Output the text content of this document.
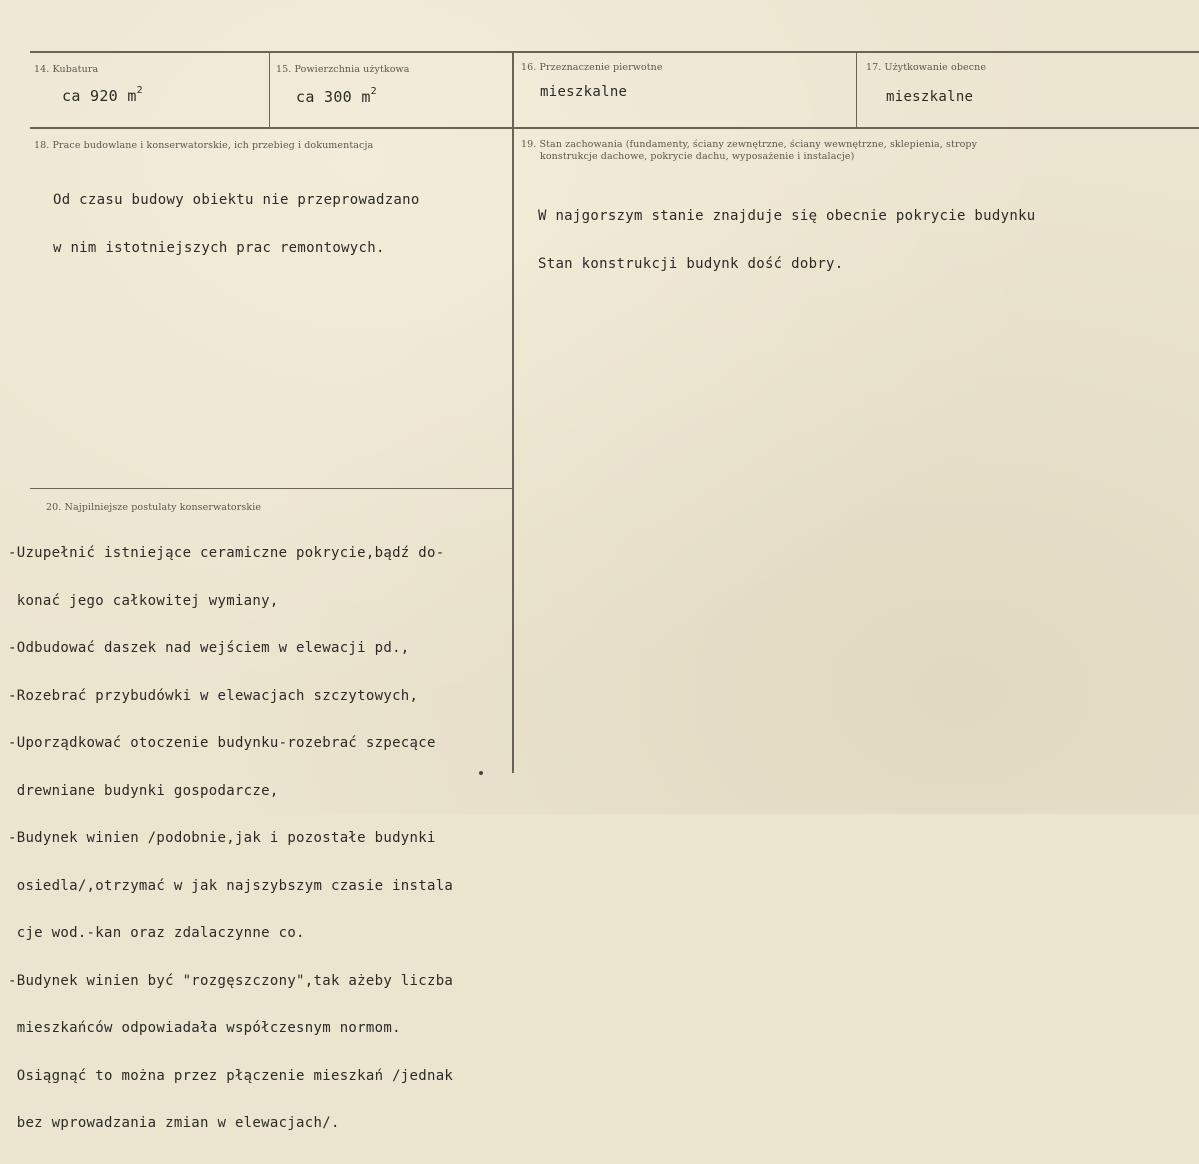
14. Kubatura
ca 920 $m^2$
15. Powierzchnia użytkowa
ca 300 $m^2$
16. Przeznaczenie pierwotne
mieszkalne
17. Użytkowanie obecne
mieszkalne
18. Prace budowlane i konserwatorskie, ich przebieg i dokumentacja

Od czasu budowy obiektu nie przeprowadzano

w nim istotniejszych prac remontowych.

19. Stan zachowania (fundamenty, ściany zewnętrzne, ściany wewnętrzne, sklepienia, stropy
konstrukcje dachowe, pokrycie dachu, wyposażenie i instalacje)

W najgorszym stanie znajduje się obecnie pokrycie budynku

Stan konstrukcji budynk dość dobry.

20. Najpilniejsze postulaty konserwatorskie

-Uzupełnić istniejące ceramiczne pokrycie,bądź do-

konać jego całkowitej wymiany,

-Odbudować daszek nad wejściem w elewacji pd.,

-Rozebrać przybudówki w elewacjach szczytowych,

-Uporządkować otoczenie budynku-rozebrać szpecące

drewniane budynki gospodarcze,

-Budynek winien /podobnie,jak i pozostałe budynki

osiedla/,otrzymać w jak najszybszym czasie instala

cje wod.-kan oraz zdalaczynne co.

-Budynek winien być "rozgęszczony",tak ażeby liczba

mieszkańców odpowiadała współczesnym normom.

Osiągnąć to można przez płączenie mieszkań /jednak

bez wprowadzania zmian w elewacjach/.
